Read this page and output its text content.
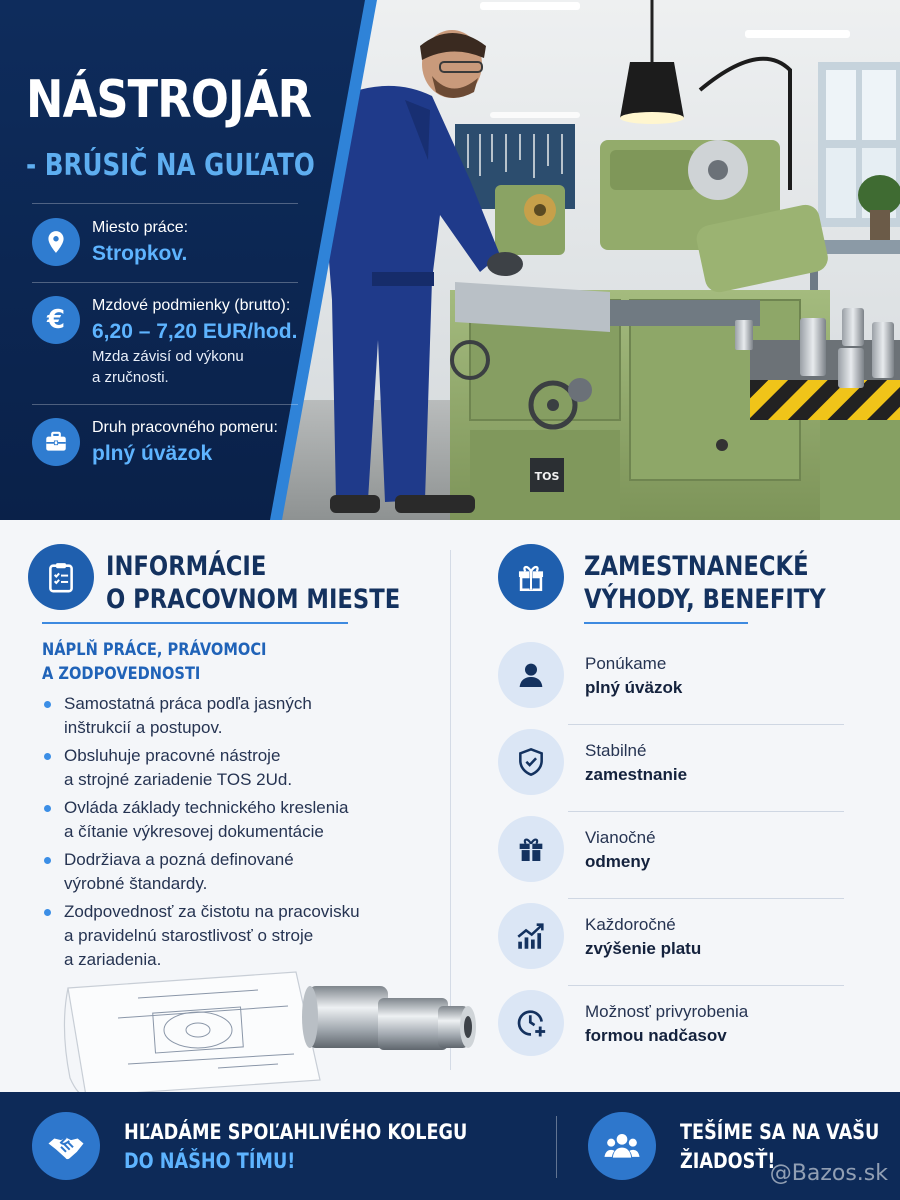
TOS
NÁSTROJÁR
- BRÚSIČ NA GUĽATO
Miesto práce:
Stropkov.
€ Mzdové podmienky (brutto):
6,20 – 7,20 EUR/hod.
Mzda závisí od výkonu
a zručnosti.
Druh pracovného pomeru:
plný úväzok
INFORMÁCIE
O PRACOVNOM MIESTE
NÁPLŇ PRÁCE, PRÁVOMOCI
A ZODPOVEDNOSTI
Samostatná práca podľa jasných
inštrukcií a postupov.
Obsluhuje pracovné nástroje
a strojné zariadenie TOS 2Ud.
Ovláda základy technického kreslenia
a čítanie výkresovej dokumentácie
Dodržiava a pozná definované
výrobné štandardy.
Zodpovednosť za čistotu na pracovisku
a pravidelnú starostlivosť o stroje
a zariadenia.
ZAMESTNANECKÉ
VÝHODY, BENEFITY
Ponúkame
plný úväzok
Stabilné
zamestnanie
Vianočné
odmeny
Každoročné
zvýšenie platu
Možnosť privyrobenia
formou nadčasov
HĽADÁME SPOĽAHLIVÉHO KOLEGU
DO NÁŠHO TÍMU!
TEŠÍME SA NA VAŠU
ŽIADOSŤ!
@Bazos.sk
